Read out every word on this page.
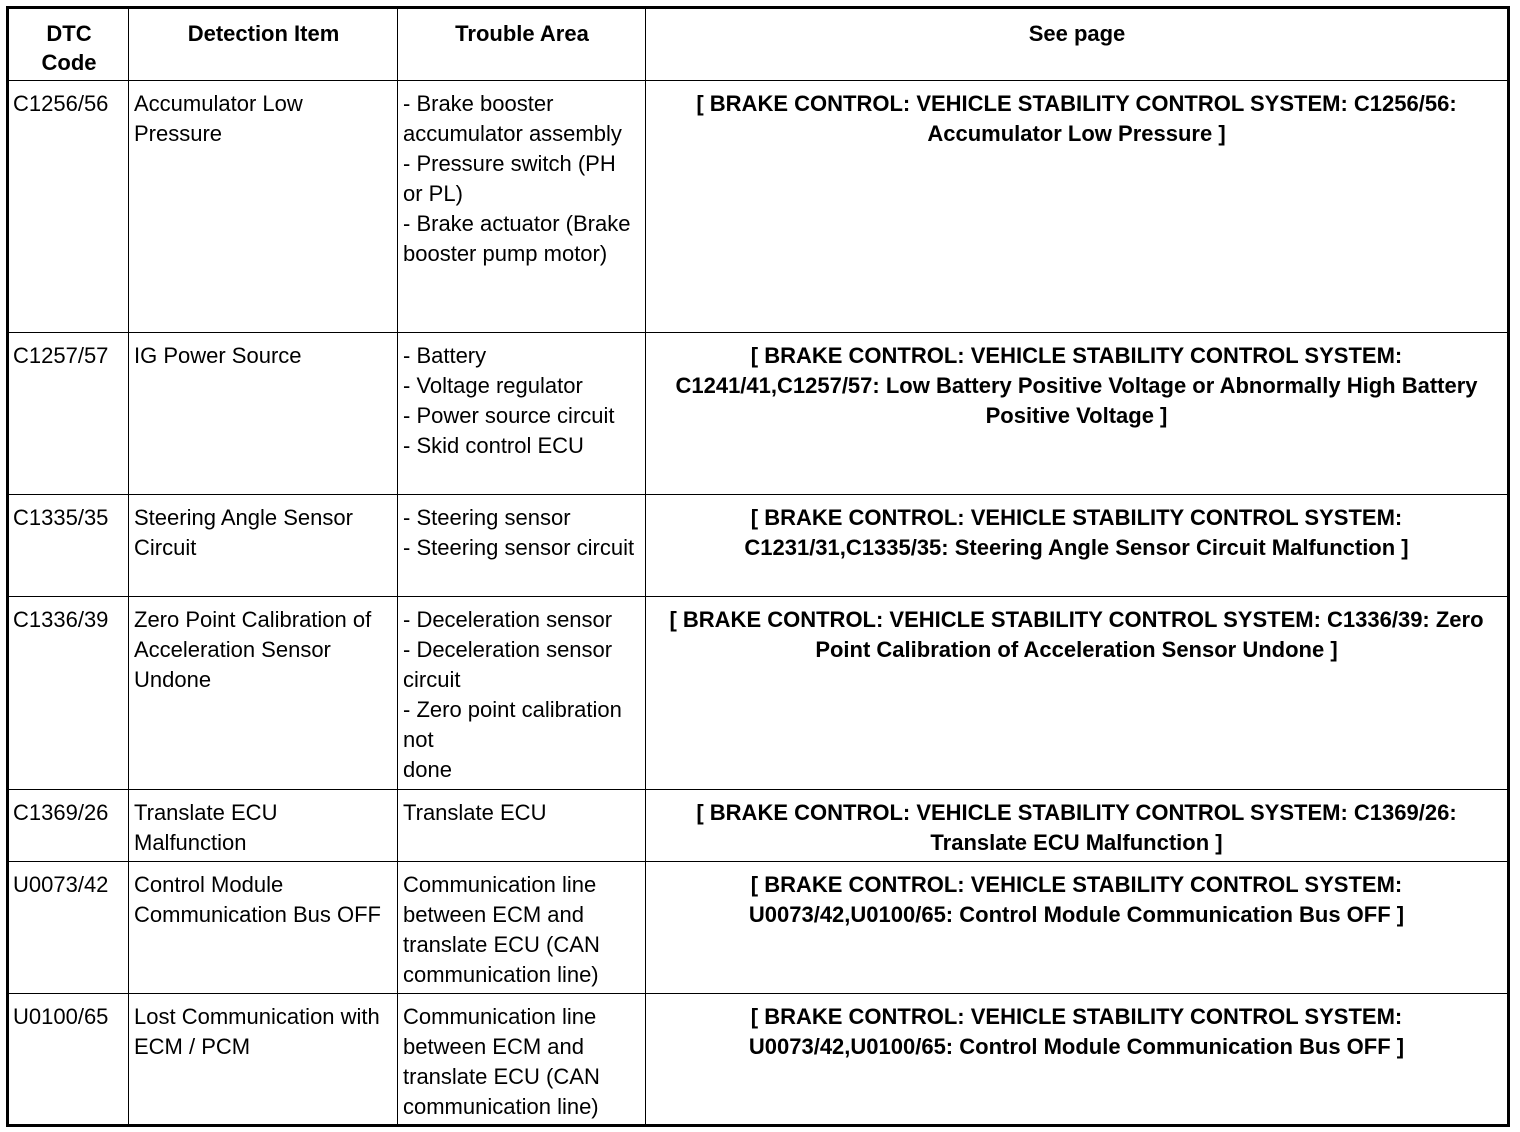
DTC
Code	Detection Item	Trouble Area	See page
C1256/56	Accumulator Low Pressure	- Brake booster accumulator assembly
- Pressure switch (PH or PL)
- Brake actuator (Brake
booster pump motor)	[ BRAKE CONTROL: VEHICLE STABILITY CONTROL SYSTEM: C1256/56: Accumulator Low Pressure ]
C1257/57	IG Power Source	- Battery
- Voltage regulator
- Power source circuit
- Skid control ECU	[ BRAKE CONTROL: VEHICLE STABILITY CONTROL SYSTEM: C1241/41,C1257/57: Low Battery Positive Voltage or Abnormally High Battery Positive Voltage ]
C1335/35	Steering Angle Sensor Circuit	- Steering sensor
- Steering sensor circuit	[ BRAKE CONTROL: VEHICLE STABILITY CONTROL SYSTEM: C1231/31,C1335/35: Steering Angle Sensor Circuit Malfunction ]
C1336/39	Zero Point Calibration of Acceleration Sensor Undone	- Deceleration sensor
- Deceleration sensor circuit
- Zero point calibration not
done	[ BRAKE CONTROL: VEHICLE STABILITY CONTROL SYSTEM: C1336/39: Zero Point Calibration of Acceleration Sensor Undone ]
C1369/26	Translate ECU Malfunction	Translate ECU	[ BRAKE CONTROL: VEHICLE STABILITY CONTROL SYSTEM: C1369/26: Translate ECU Malfunction ]
U0073/42	Control Module Communication Bus OFF	Communication line between ECM and translate ECU (CAN communication line)	[ BRAKE CONTROL: VEHICLE STABILITY CONTROL SYSTEM: U0073/42,U0100/65: Control Module Communication Bus OFF ]
U0100/65	Lost Communication with ECM / PCM	Communication line between ECM and translate ECU (CAN communication line)	[ BRAKE CONTROL: VEHICLE STABILITY CONTROL SYSTEM: U0073/42,U0100/65: Control Module Communication Bus OFF ]
